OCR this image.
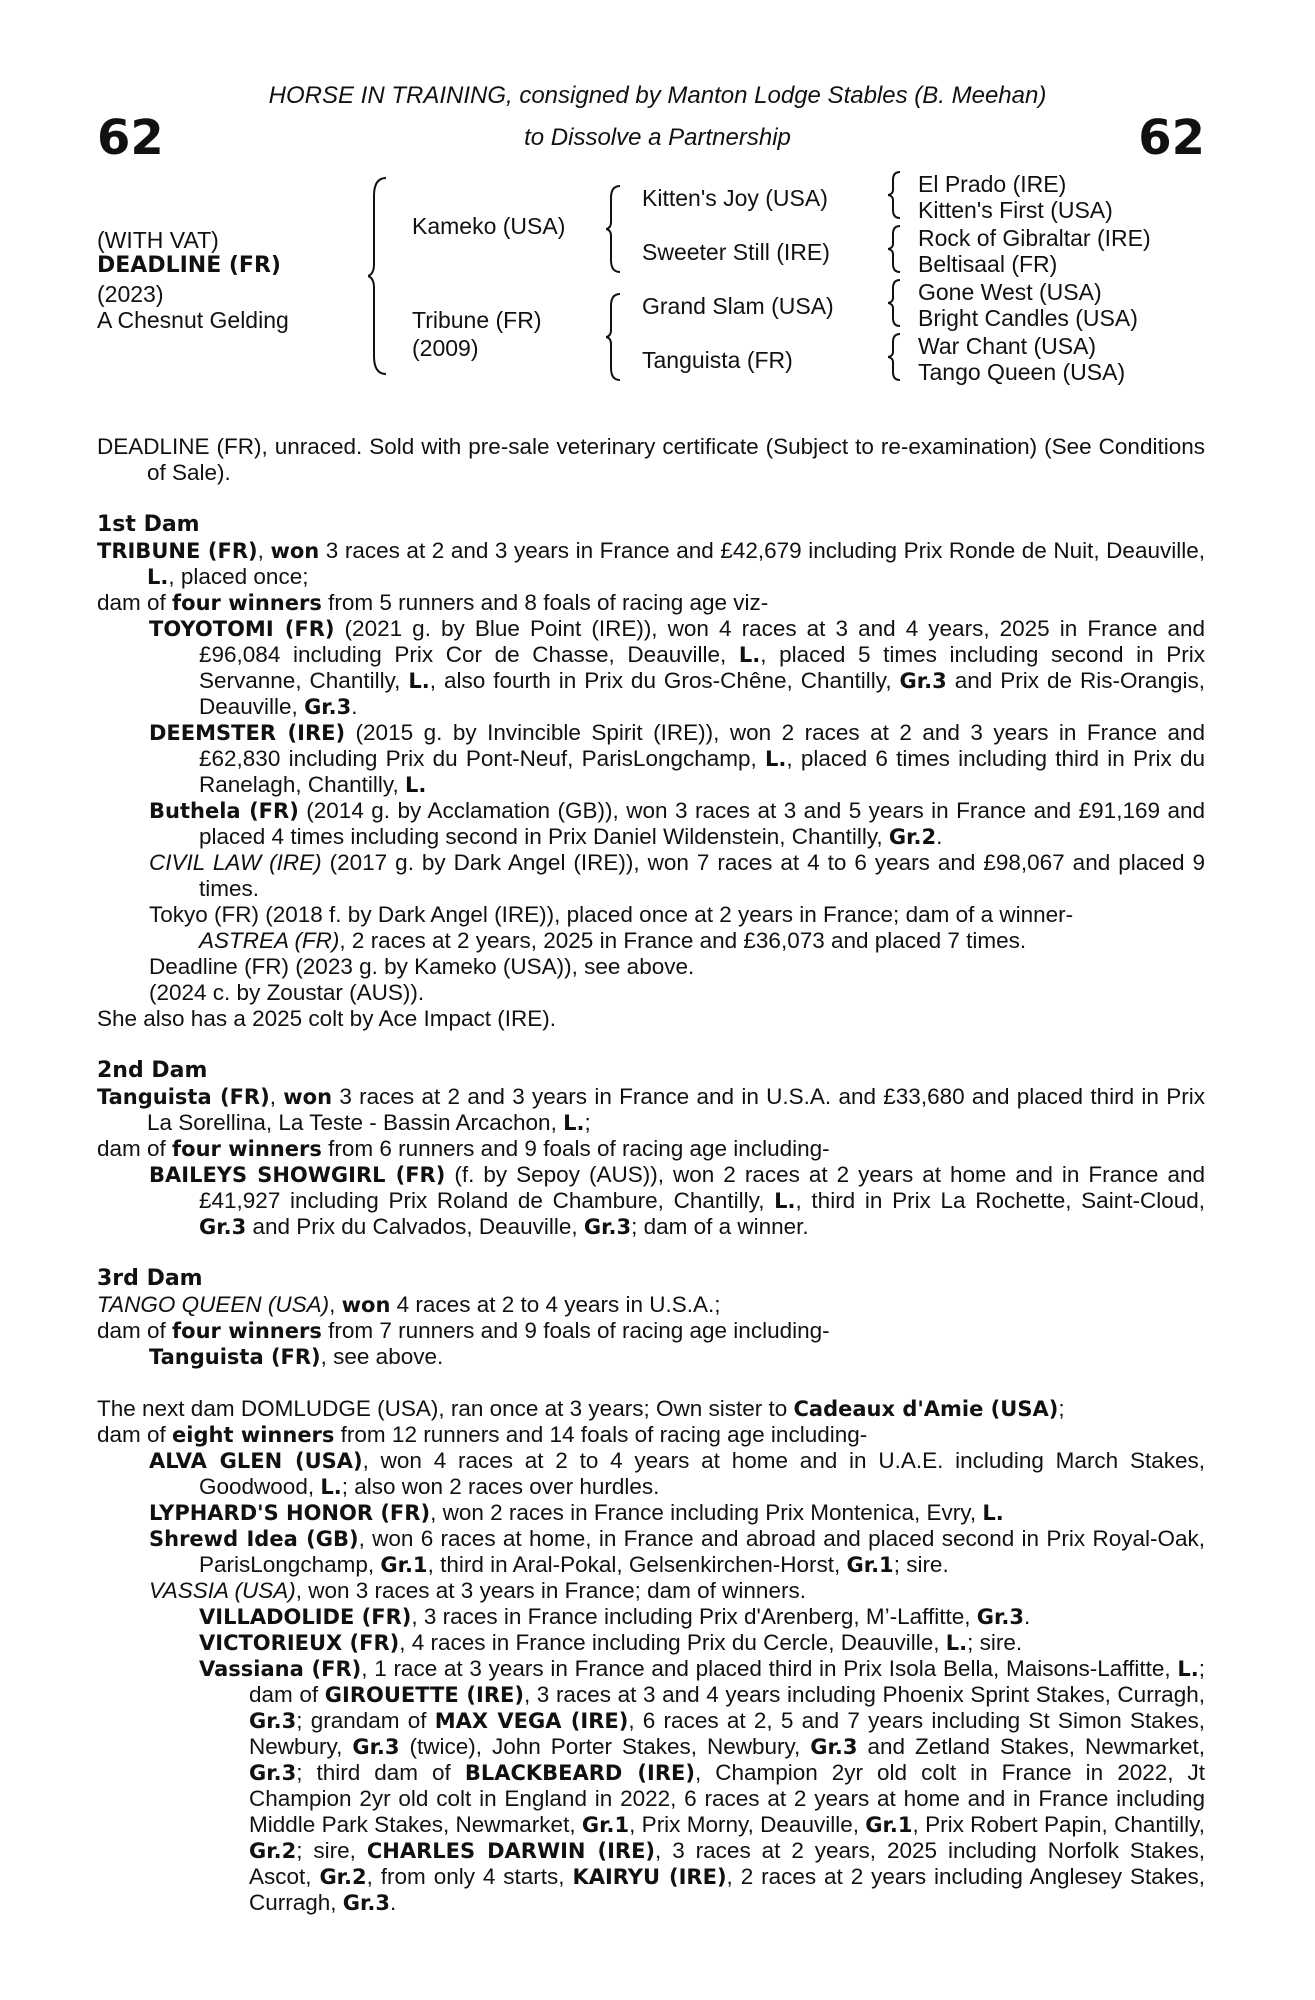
62	62
HORSE IN TRAINING, consigned by Manton Lodge Stables (B. Meehan)
to Dissolve a Partnership
(WITH VAT)
DEADLINE (FR)
(2023)
A Chesnut Gelding
Kameko (USA)
Tribune (FR)
(2009)
Kitten's Joy (USA)
Sweeter Still (IRE)
Grand Slam (USA)
Tanguista (FR)
El Prado (IRE)
Kitten's First (USA)
Rock of Gibraltar (IRE)
Beltisaal (FR)
Gone West (USA)
Bright Candles (USA)
War Chant (USA)
Tango Queen (USA)

DEADLINE (FR), unraced. Sold with pre-sale veterinary certificate (Subject to re-examination) (See Conditions of Sale).

1st Dam

TRIBUNE (FR), won 3 races at 2 and 3 years in France and £42,679 including Prix Ronde de Nuit, Deauville, L., placed once;

dam of four winners from 5 runners and 8 foals of racing age viz-

TOYOTOMI (FR) (2021 g. by Blue Point (IRE)), won 4 races at 3 and 4 years, 2025 in France and £96,084 including Prix Cor de Chasse, Deauville, L., placed 5 times including second in Prix Servanne, Chantilly, L., also fourth in Prix du Gros-Chêne, Chantilly, Gr.3 and Prix de Ris-Orangis, Deauville, Gr.3.

DEEMSTER (IRE) (2015 g. by Invincible Spirit (IRE)), won 2 races at 2 and 3 years in France and £62,830 including Prix du Pont-Neuf, ParisLongchamp, L., placed 6 times including third in Prix du Ranelagh, Chantilly, L.

Buthela (FR) (2014 g. by Acclamation (GB)), won 3 races at 3 and 5 years in France and £91,169 and placed 4 times including second in Prix Daniel Wildenstein, Chantilly, Gr.2.

CIVIL LAW (IRE) (2017 g. by Dark Angel (IRE)), won 7 races at 4 to 6 years and £98,067 and placed 9 times.

Tokyo (FR) (2018 f. by Dark Angel (IRE)), placed once at 2 years in France; dam of a winner-

ASTREA (FR), 2 races at 2 years, 2025 in France and £36,073 and placed 7 times.

Deadline (FR) (2023 g. by Kameko (USA)), see above.

(2024 c. by Zoustar (AUS)).

She also has a 2025 colt by Ace Impact (IRE).

2nd Dam

Tanguista (FR), won 3 races at 2 and 3 years in France and in U.S.A. and £33,680 and placed third in Prix La Sorellina, La Teste - Bassin Arcachon, L.;

dam of four winners from 6 runners and 9 foals of racing age including-

BAILEYS SHOWGIRL (FR) (f. by Sepoy (AUS)), won 2 races at 2 years at home and in France and £41,927 including Prix Roland de Chambure, Chantilly, L., third in Prix La Rochette, Saint-Cloud, Gr.3 and Prix du Calvados, Deauville, Gr.3; dam of a winner.

3rd Dam

TANGO QUEEN (USA), won 4 races at 2 to 4 years in U.S.A.;

dam of four winners from 7 runners and 9 foals of racing age including-

Tanguista (FR), see above.

The next dam DOMLUDGE (USA), ran once at 3 years; Own sister to Cadeaux d'Amie (USA);

dam of eight winners from 12 runners and 14 foals of racing age including-

ALVA GLEN (USA), won 4 races at 2 to 4 years at home and in U.A.E. including March Stakes, Goodwood, L.; also won 2 races over hurdles.

LYPHARD'S HONOR (FR), won 2 races in France including Prix Montenica, Evry, L.

Shrewd Idea (GB), won 6 races at home, in France and abroad and placed second in Prix Royal-Oak, ParisLongchamp, Gr.1, third in Aral-Pokal, Gelsenkirchen-Horst, Gr.1; sire.

VASSIA (USA), won 3 races at 3 years in France; dam of winners.

VILLADOLIDE (FR), 3 races in France including Prix d'Arenberg, M’-Laffitte, Gr.3.

VICTORIEUX (FR), 4 races in France including Prix du Cercle, Deauville, L.; sire.

Vassiana (FR), 1 race at 3 years in France and placed third in Prix Isola Bella, Maisons-Laffitte, L.; dam of GIROUETTE (IRE), 3 races at 3 and 4 years including Phoenix Sprint Stakes, Curragh, Gr.3; grandam of MAX VEGA (IRE), 6 races at 2, 5 and 7 years including St Simon Stakes, Newbury, Gr.3 (twice), John Porter Stakes, Newbury, Gr.3 and Zetland Stakes, Newmarket, Gr.3; third dam of BLACKBEARD (IRE), Champion 2yr old colt in France in 2022, Jt Champion 2yr old colt in England in 2022, 6 races at 2 years at home and in France including Middle Park Stakes, Newmarket, Gr.1, Prix Morny, Deauville, Gr.1, Prix Robert Papin, Chantilly, Gr.2; sire, CHARLES DARWIN (IRE), 3 races at 2 years, 2025 including Norfolk Stakes, Ascot, Gr.2, from only 4 starts, KAIRYU (IRE), 2 races at 2 years including Anglesey Stakes, Curragh, Gr.3.
